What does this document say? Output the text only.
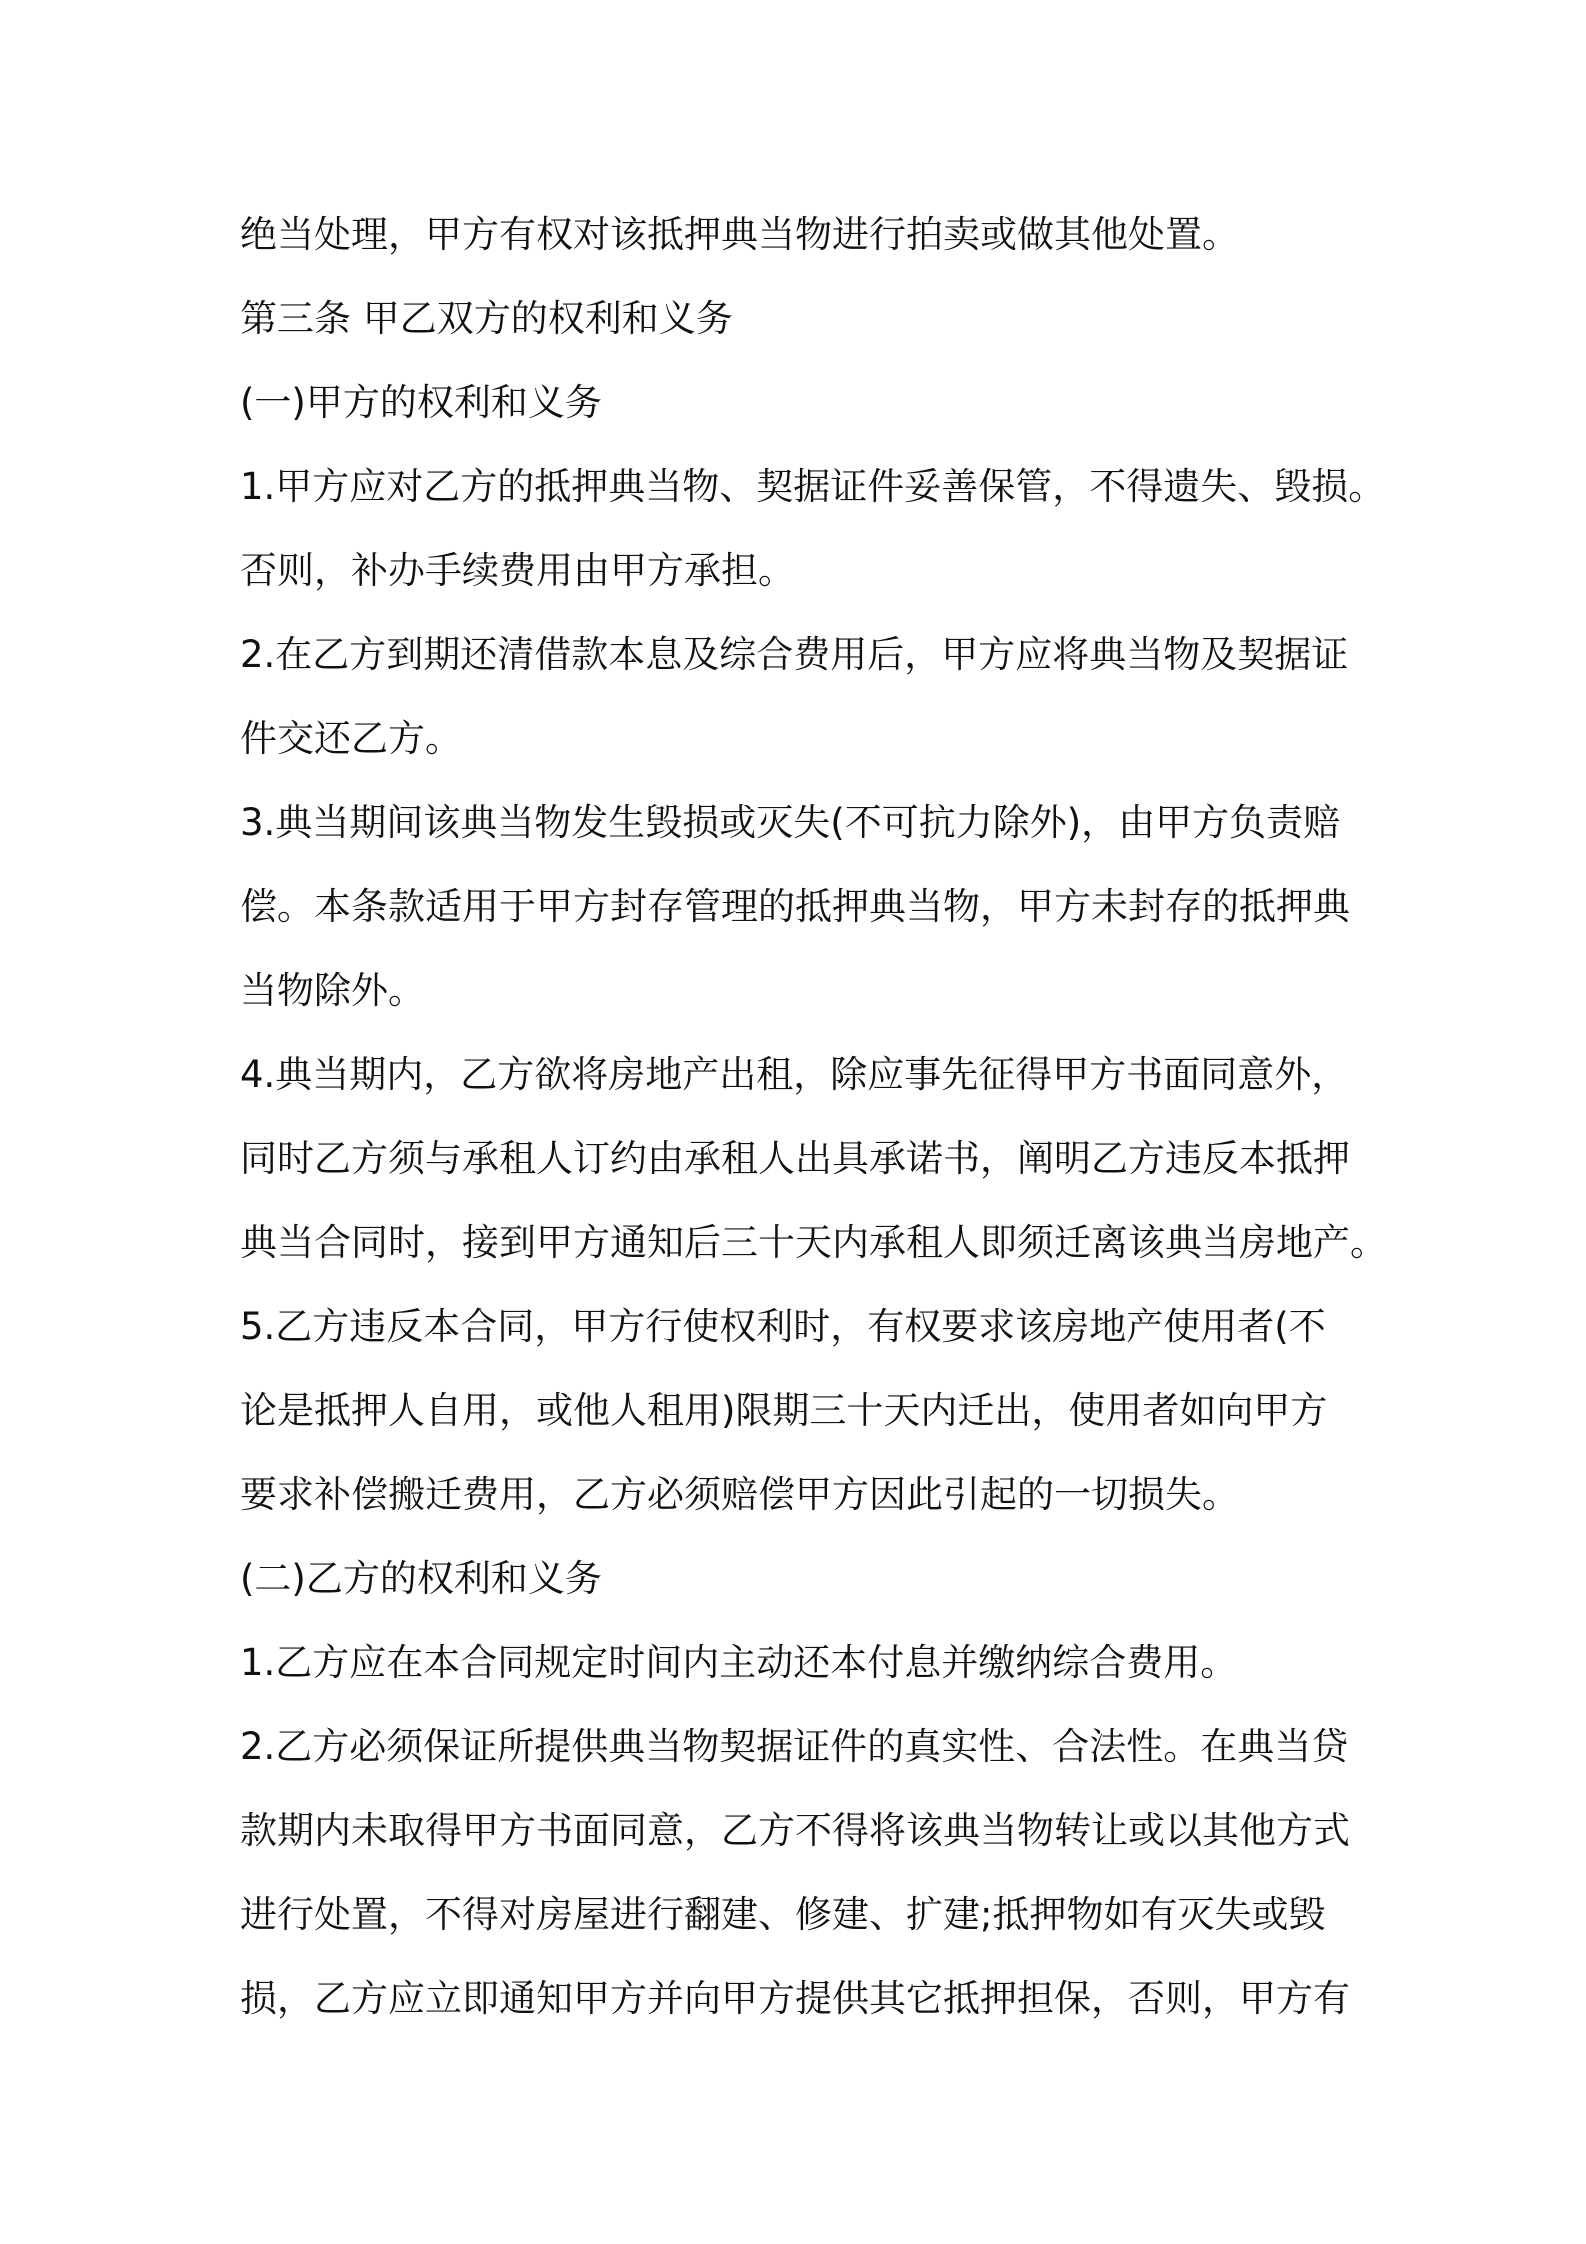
绝当处理，甲方有权对该抵押典当物进行拍卖或做其他处置。
第三条 甲乙双方的权利和义务
(一)甲方的权利和义务
1.甲方应对乙方的抵押典当物、契据证件妥善保管，不得遗失、毁损。
否则，补办手续费用由甲方承担。
2.在乙方到期还清借款本息及综合费用后，甲方应将典当物及契据证
件交还乙方。
3.典当期间该典当物发生毁损或灭失(不可抗力除外)，由甲方负责赔
偿。本条款适用于甲方封存管理的抵押典当物，甲方未封存的抵押典
当物除外。
4.典当期内，乙方欲将房地产出租，除应事先征得甲方书面同意外，
同时乙方须与承租人订约由承租人出具承诺书，阐明乙方违反本抵押
典当合同时，接到甲方通知后三十天内承租人即须迁离该典当房地产。
5.乙方违反本合同，甲方行使权利时，有权要求该房地产使用者(不
论是抵押人自用，或他人租用)限期三十天内迁出，使用者如向甲方
要求补偿搬迁费用，乙方必须赔偿甲方因此引起的一切损失。
(二)乙方的权利和义务
1.乙方应在本合同规定时间内主动还本付息并缴纳综合费用。
2.乙方必须保证所提供典当物契据证件的真实性、合法性。在典当贷
款期内未取得甲方书面同意，乙方不得将该典当物转让或以其他方式
进行处置，不得对房屋进行翻建、修建、扩建;抵押物如有灭失或毁
损，乙方应立即通知甲方并向甲方提供其它抵押担保，否则，甲方有
